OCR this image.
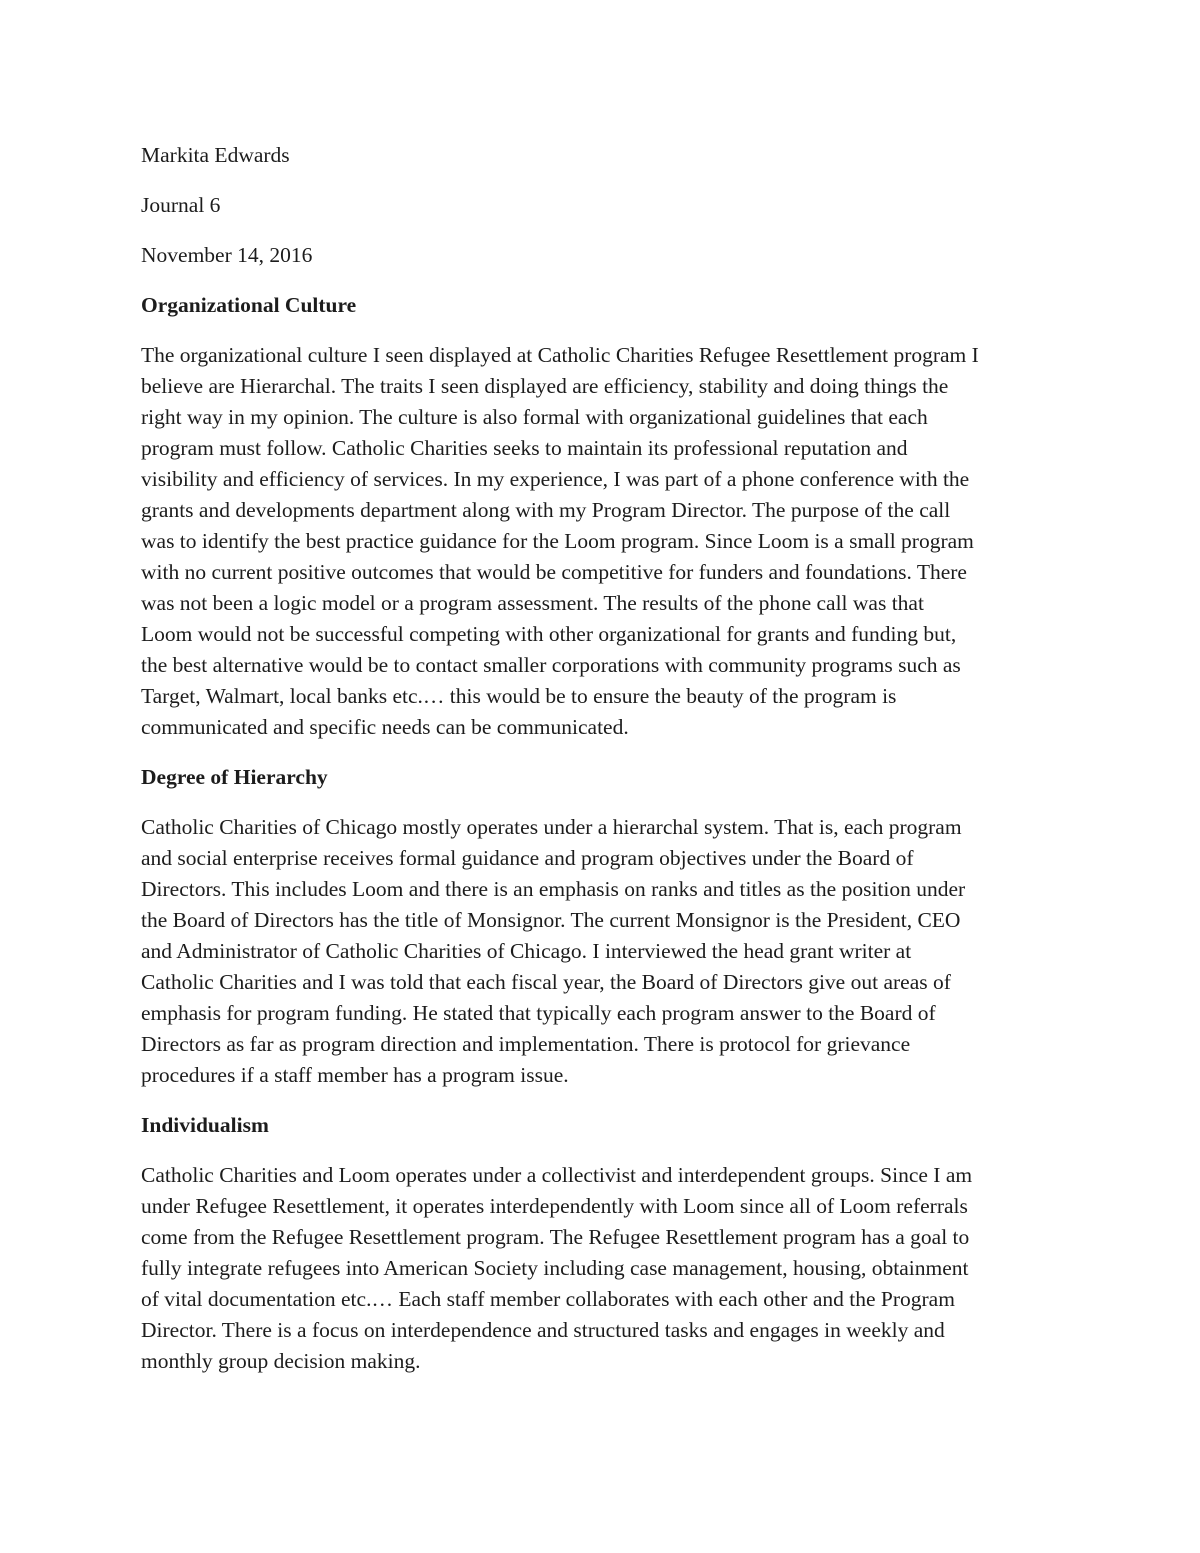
Markita Edwards
Journal 6
November 14, 2016
Organizational Culture
The organizational culture I seen displayed at Catholic Charities Refugee Resettlement program I
believe are Hierarchal. The traits I seen displayed are efficiency, stability and doing things the
right way in my opinion. The culture is also formal with organizational guidelines that each
program must follow. Catholic Charities seeks to maintain its professional reputation and
visibility and efficiency of services. In my experience, I was part of a phone conference with the
grants and developments department along with my Program Director. The purpose of the call
was to identify the best practice guidance for the Loom program. Since Loom is a small program
with no current positive outcomes that would be competitive for funders and foundations. There
was not been a logic model or a program assessment. The results of the phone call was that
Loom would not be successful competing with other organizational for grants and funding but,
the best alternative would be to contact smaller corporations with community programs such as
Target, Walmart, local banks etc.… this would be to ensure the beauty of the program is
communicated and specific needs can be communicated.
Degree of Hierarchy
Catholic Charities of Chicago mostly operates under a hierarchal system. That is, each program
and social enterprise receives formal guidance and program objectives under the Board of
Directors. This includes Loom and there is an emphasis on ranks and titles as the position under
the Board of Directors has the title of Monsignor. The current Monsignor is the President, CEO
and Administrator of Catholic Charities of Chicago. I interviewed the head grant writer at
Catholic Charities and I was told that each fiscal year, the Board of Directors give out areas of
emphasis for program funding. He stated that typically each program answer to the Board of
Directors as far as program direction and implementation. There is protocol for grievance
procedures if a staff member has a program issue.
Individualism
Catholic Charities and Loom operates under a collectivist and interdependent groups. Since I am
under Refugee Resettlement, it operates interdependently with Loom since all of Loom referrals
come from the Refugee Resettlement program. The Refugee Resettlement program has a goal to
fully integrate refugees into American Society including case management, housing, obtainment
of vital documentation etc.… Each staff member collaborates with each other and the Program
Director. There is a focus on interdependence and structured tasks and engages in weekly and
monthly group decision making.
